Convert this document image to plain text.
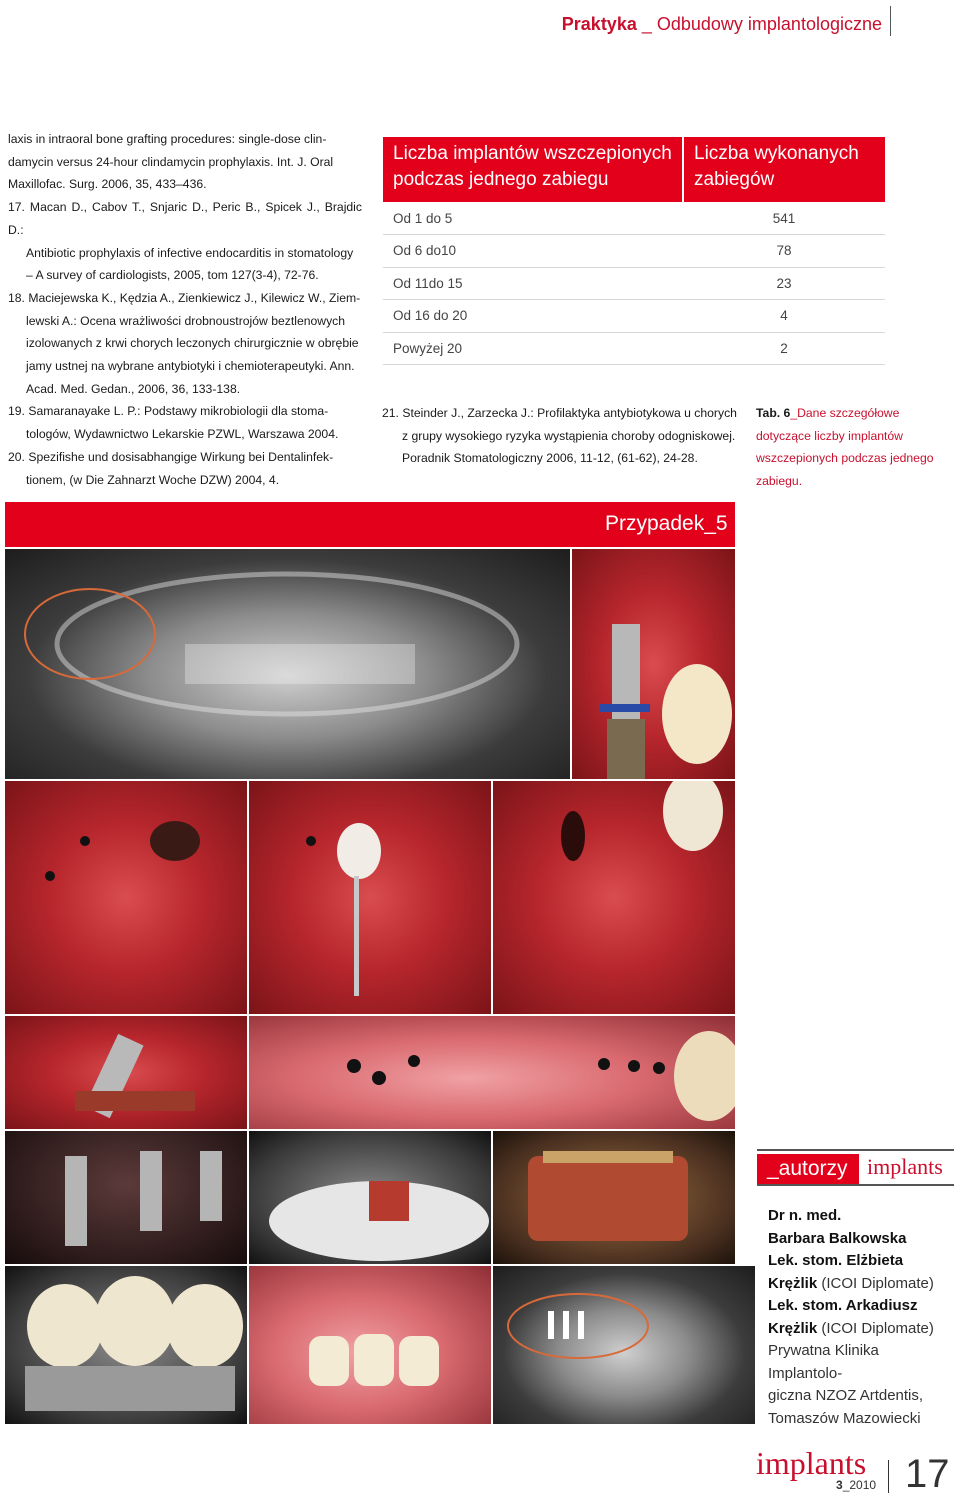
Praktyka _ Odbudowy implantologiczne

laxis in intraoral bone grafting procedures: single-dose clin-

damycin versus 24-hour clindamycin prophylaxis. Int. J. Oral

Maxillofac. Surg. 2006, 35, 433–436.

17. Macan D., Cabov T., Snjaric D., Peric B., Spicek J., Brajdic D.:

Antibiotic prophylaxis of infective endocarditis in stomatology

– A survey of cardiologists, 2005, tom 127(3-4), 72-76.

18. Maciejewska K., Kędzia A., Zienkiewicz J., Kilewicz W., Ziem-

lewski A.: Ocena wrażliwości drobnoustrojów beztlenowych

izolowanych z krwi chorych leczonych chirurgicznie w obrębie

jamy ustnej na wybrane antybiotyki i chemioterapeutyki. Ann.

Acad. Med. Gedan., 2006, 36, 133-138.

19. Samaranayake L. P.: Podstawy mikrobiologii dla stoma-

tologów, Wydawnictwo Lekarskie PZWL, Warszawa 2004.

20. Spezifishe und dosisabhangige Wirkung bei Dentalinfek-

tionem, (w Die Zahnarzt Woche DZW) 2004, 4.

Liczba implantów wszczepionych podczas jednego zabiegu	Liczba wykonanych zabiegów
Od 1 do 5	541
Od 6 do10	78
Od 11do 15	23
Od 16 do 20	4
Powyżej 20	2

21. Steinder J., Zarzecka J.: Profilaktyka antybiotykowa u chorych

z grupy wysokiego ryzyka wystąpienia choroby odogniskowej.

Poradnik Stomatologiczny 2006, 11-12, (61-62), 24-28.

Tab. 6_Dane szczegółowe dotyczące liczby implantów wszczepionych podczas jednego zabiegu.
Przypadek_5
_autorzy implants
Dr n. med.
Barbara Balkowska
Lek. stom. Elżbieta
Krężlik (ICOI Diplomate)
Lek. stom. Arkadiusz
Krężlik (ICOI Diplomate)
Prywatna Klinika Implantolo-
giczna NZOZ Artdentis,
Tomaszów Mazowiecki
implants
3_2010 17
